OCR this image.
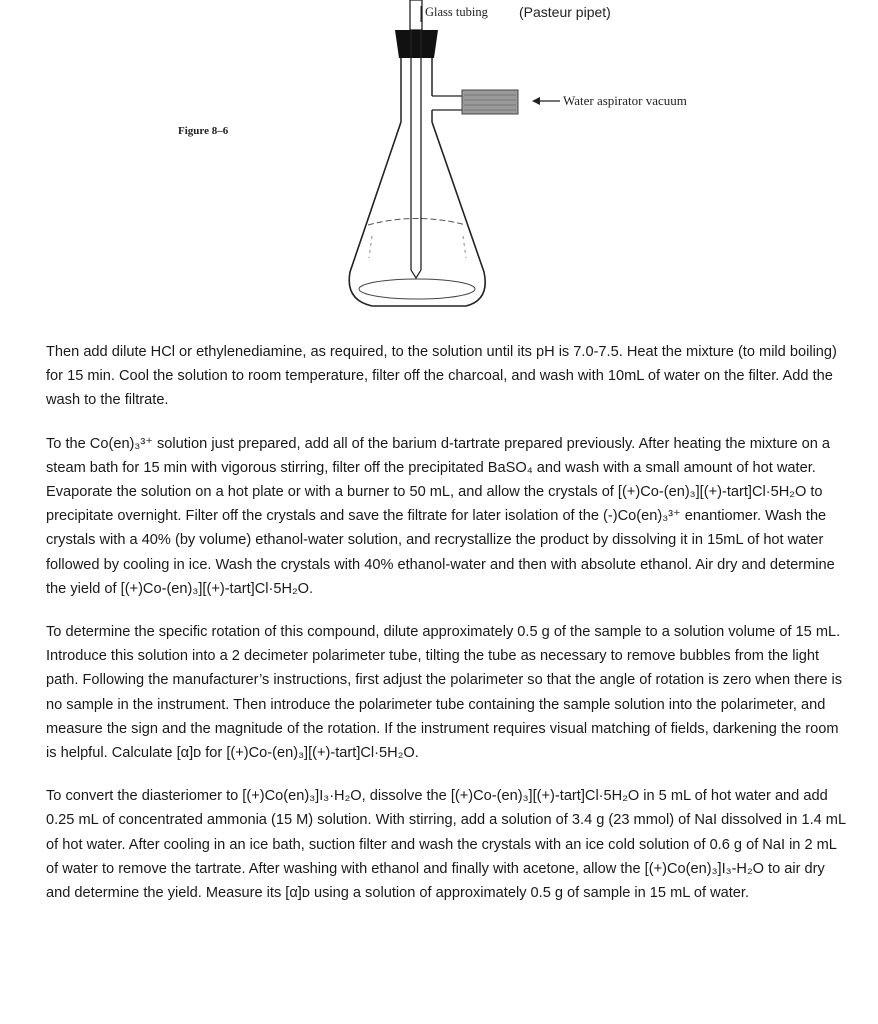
Figure 8–6
Glass tubing (Pasteur pipet)
Water aspirator vacuum

Then add dilute HCl or ethylenediamine, as required, to the solution until its pH is 7.0-7.5. Heat the mixture (to mild boiling) for 15 min. Cool the solution to room temperature, filter off the charcoal, and wash with 10mL of water on the filter. Add the wash to the filtrate.

To the Co(en)₃³⁺ solution just prepared, add all of the barium d-tartrate prepared previously. After heating the mixture on a steam bath for 15 min with vigorous stirring, filter off the precipitated BaSO₄ and wash with a small amount of hot water. Evaporate the solution on a hot plate or with a burner to 50 mL, and allow the crystals of [(+)Co-(en)₃][(+)-tart]Cl·5H₂O to precipitate overnight. Filter off the crystals and save the filtrate for later isolation of the (-)Co(en)₃³⁺ enantiomer. Wash the crystals with a 40% (by volume) ethanol-water solution, and recrystallize the product by dissolving it in 15mL of hot water followed by cooling in ice. Wash the crystals with 40% ethanol-water and then with absolute ethanol. Air dry and determine the yield of [(+)Co-(en)₃][(+)-tart]Cl·5H₂O.

To determine the specific rotation of this compound, dilute approximately 0.5 g of the sample to a solution volume of 15 mL. Introduce this solution into a 2 decimeter polarimeter tube, tilting the tube as necessary to remove bubbles from the light path. Following the manufacturer’s instructions, first adjust the polarimeter so that the angle of rotation is zero when there is no sample in the instrument. Then introduce the polarimeter tube containing the sample solution into the polarimeter, and measure the sign and the magnitude of the rotation. If the instrument requires visual matching of fields, darkening the room is helpful. Calculate [α]ᴅ for [(+)Co-(en)₃][(+)-tart]Cl·5H₂O.

To convert the diasteriomer to [(+)Co(en)₃]I₃·H₂O, dissolve the [(+)Co-(en)₃][(+)-tart]Cl·5H₂O in 5 mL of hot water and add 0.25 mL of concentrated ammonia (15 M) solution. With stirring, add a solution of 3.4 g (23 mmol) of NaI dissolved in 1.4 mL of hot water. After cooling in an ice bath, suction filter and wash the crystals with an ice cold solution of 0.6 g of NaI in 2 mL of water to remove the tartrate. After washing with ethanol and finally with acetone, allow the [(+)Co(en)₃]I₃-H₂O to air dry and determine the yield. Measure its [α]ᴅ using a solution of approximately 0.5 g of sample in 15 mL of water.
